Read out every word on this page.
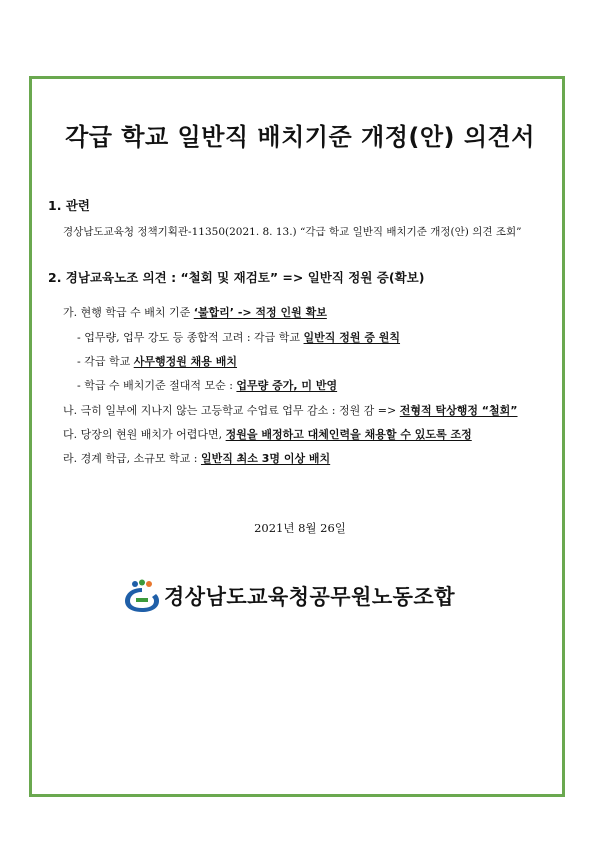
각급 학교 일반직 배치기준 개정(안) 의견서
1. 관련
경상남도교육청 정책기획관-11350(2021. 8. 13.) “각급 학교 일반직 배치기준 개정(안) 의견 조회”
2. 경남교육노조 의견 : “철회 및 재검토” => 일반직 정원 증(확보)
가. 현행 학급 수 배치 기준 ‘불합리’ -> 적정 인원 확보
- 업무량, 업무 강도 등 종합적 고려 : 각급 학교 일반직 정원 증 원칙
- 각급 학교 사무행정원 채용 배치
- 학급 수 배치기준 절대적 모순 : 업무량 증가, 미 반영
나. 극히 일부에 지나지 않는 고등학교 수업료 업무 감소 : 정원 감 => 전형적 탁상행정 “철회”
다. 당장의 현원 배치가 어렵다면, 정원을 배정하고 대체인력을 채용할 수 있도록 조정
라. 경계 학급, 소규모 학교 : 일반직 최소 3명 이상 배치
2021년 8월 26일
경상남도교육청공무원노동조합
